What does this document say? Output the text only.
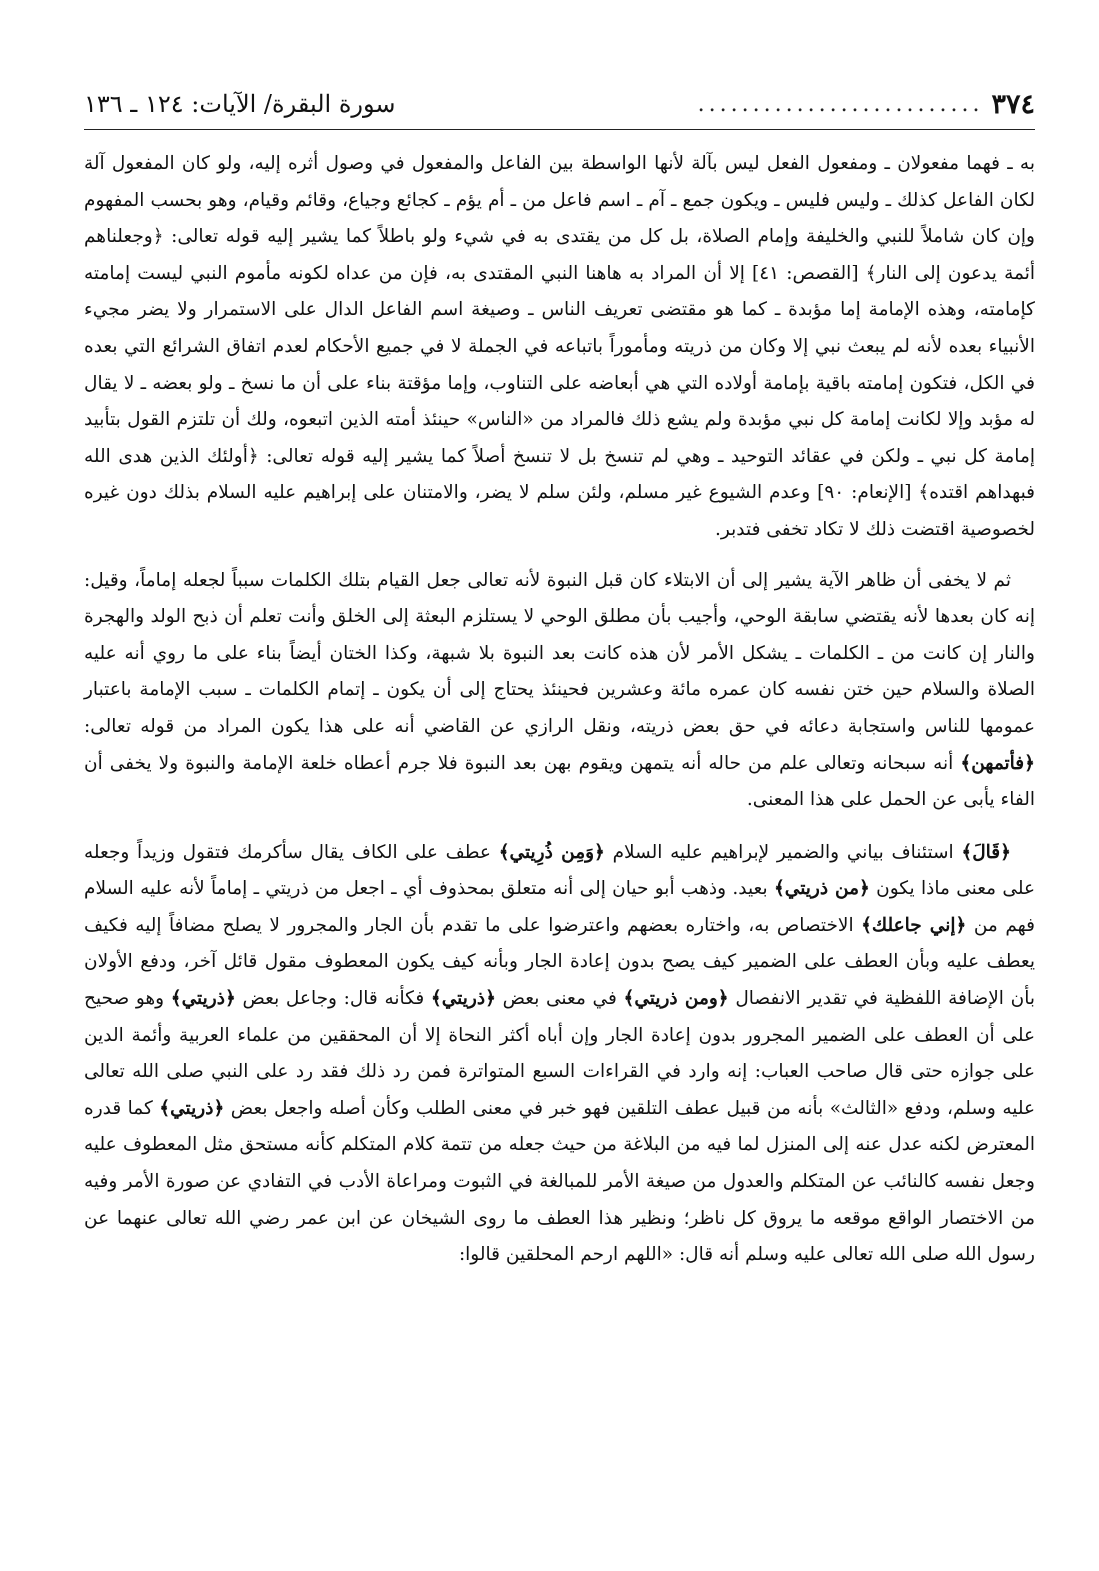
٣٧٤
..........................
سورة البقرة/ الآيات: ١٢٤ ـ ١٣٦

به ـ فهما مفعولان ـ ومفعول الفعل ليس بآلة لأنها الواسطة بين الفاعل والمفعول في وصول أثره إليه، ولو كان المفعول آلة لكان الفاعل كذلك ـ وليس فليس ـ ويكون جمع ـ آم ـ اسم فاعل من ـ أم يؤم ـ كجائع وجياع، وقائم وقيام، وهو بحسب المفهوم وإن كان شاملاً للنبي والخليفة وإمام الصلاة، بل كل من يقتدى به في شيء ولو باطلاً كما يشير إليه قوله تعالى: ﴿وجعلناهم أئمة يدعون إلى النار﴾ [القصص: ٤١] إلا أن المراد به هاهنا النبي المقتدى به، فإن من عداه لكونه مأموم النبي ليست إمامته كإمامته، وهذه الإمامة إما مؤبدة ـ كما هو مقتضى تعريف الناس ـ وصيغة اسم الفاعل الدال على الاستمرار ولا يضر مجيء الأنبياء بعده لأنه لم يبعث نبي إلا وكان من ذريته ومأموراً باتباعه في الجملة لا في جميع الأحكام لعدم اتفاق الشرائع التي بعده في الكل، فتكون إمامته باقية بإمامة أولاده التي هي أبعاضه على التناوب، وإما مؤقتة بناء على أن ما نسخ ـ ولو بعضه ـ لا يقال له مؤبد وإلا لكانت إمامة كل نبي مؤبدة ولم يشع ذلك فالمراد من «الناس» حينئذ أمته الذين اتبعوه، ولك أن تلتزم القول بتأبيد إمامة كل نبي ـ ولكن في عقائد التوحيد ـ وهي لم تنسخ بل لا تنسخ أصلاً كما يشير إليه قوله تعالى: ﴿أولئك الذين هدى الله فبهداهم اقتده﴾ [الإنعام: ٩٠] وعدم الشيوع غير مسلم، ولئن سلم لا يضر، والامتنان على إبراهيم عليه السلام بذلك دون غيره لخصوصية اقتضت ذلك لا تكاد تخفى فتدبر.

ثم لا يخفى أن ظاهر الآية يشير إلى أن الابتلاء كان قبل النبوة لأنه تعالى جعل القيام بتلك الكلمات سبباً لجعله إماماً، وقيل: إنه كان بعدها لأنه يقتضي سابقة الوحي، وأجيب بأن مطلق الوحي لا يستلزم البعثة إلى الخلق وأنت تعلم أن ذبح الولد والهجرة والنار إن كانت من ـ الكلمات ـ يشكل الأمر لأن هذه كانت بعد النبوة بلا شبهة، وكذا الختان أيضاً بناء على ما روي أنه عليه الصلاة والسلام حين ختن نفسه كان عمره مائة وعشرين فحينئذ يحتاج إلى أن يكون ـ إتمام الكلمات ـ سبب الإمامة باعتبار عمومها للناس واستجابة دعائه في حق بعض ذريته، ونقل الرازي عن القاضي أنه على هذا يكون المراد من قوله تعالى: ﴿فأتمهن﴾ أنه سبحانه وتعالى علم من حاله أنه يتمهن ويقوم بهن بعد النبوة فلا جرم أعطاه خلعة الإمامة والنبوة ولا يخفى أن الفاء يأبى عن الحمل على هذا المعنى.

﴿قَالَ﴾ استئناف بياني والضمير لإبراهيم عليه السلام ﴿وَمِن ذُرِيتي﴾ عطف على الكاف يقال سأكرمك فتقول وزيداً وجعله على معنى ماذا يكون ﴿من ذريتي﴾ بعيد. وذهب أبو حيان إلى أنه متعلق بمحذوف أي ـ اجعل من ذريتي ـ إماماً لأنه عليه السلام فهم من ﴿إني جاعلك﴾ الاختصاص به، واختاره بعضهم واعترضوا على ما تقدم بأن الجار والمجرور لا يصلح مضافاً إليه فكيف يعطف عليه وبأن العطف على الضمير كيف يصح بدون إعادة الجار وبأنه كيف يكون المعطوف مقول قائل آخر، ودفع الأولان بأن الإضافة اللفظية في تقدير الانفصال ﴿ومن ذريتي﴾ في معنى بعض ﴿ذريتي﴾ فكأنه قال: وجاعل بعض ﴿ذريتي﴾ وهو صحيح على أن العطف على الضمير المجرور بدون إعادة الجار وإن أباه أكثر النحاة إلا أن المحققين من علماء العربية وأئمة الدين على جوازه حتى قال صاحب العباب: إنه وارد في القراءات السبع المتواترة فمن رد ذلك فقد رد على النبي صلى الله تعالى عليه وسلم، ودفع «الثالث» بأنه من قبيل عطف التلقين فهو خبر في معنى الطلب وكأن أصله واجعل بعض ﴿ذريتي﴾ كما قدره المعترض لكنه عدل عنه إلى المنزل لما فيه من البلاغة من حيث جعله من تتمة كلام المتكلم كأنه مستحق مثل المعطوف عليه وجعل نفسه كالنائب عن المتكلم والعدول من صيغة الأمر للمبالغة في الثبوت ومراعاة الأدب في التفادي عن صورة الأمر وفيه من الاختصار الواقع موقعه ما يروق كل ناظر؛ ونظير هذا العطف ما روى الشيخان عن ابن عمر رضي الله تعالى عنهما عن رسول الله صلى الله تعالى عليه وسلم أنه قال: «اللهم ارحم المحلقين قالوا:
